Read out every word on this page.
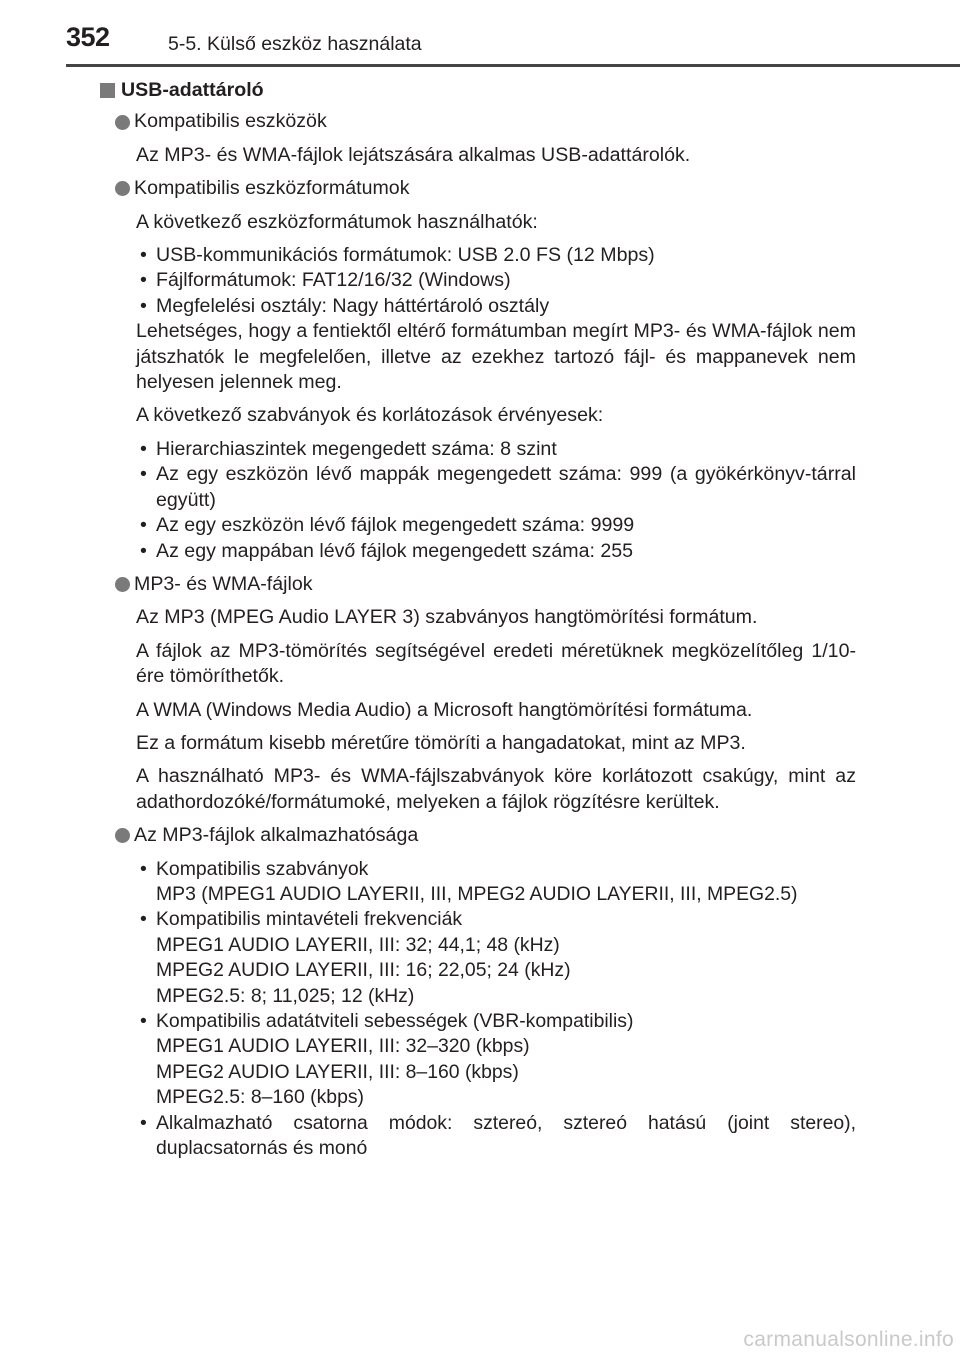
352	5-5. Külső eszköz használata
USB-adattároló
Kompatibilis eszközök
Az MP3- és WMA-fájlok lejátszására alkalmas USB-adattárolók.
Kompatibilis eszközformátumok
A következő eszközformátumok használhatók:
• USB-kommunikációs formátumok: USB 2.0 FS (12 Mbps)
• Fájlformátumok: FAT12/16/32 (Windows)
• Megfelelési osztály: Nagy háttértároló osztály
Lehetséges, hogy a fentiektől eltérő formátumban megírt MP3- és WMA-fájlok nem játszhatók le megfelelően, illetve az ezekhez tartozó fájl- és mappanevek nem helyesen jelennek meg.
A következő szabványok és korlátozások érvényesek:
• Hierarchiaszintek megengedett száma: 8 szint
• Az egy eszközön lévő mappák megengedett száma: 999 (a gyökérkönyv-tárral együtt)
• Az egy eszközön lévő fájlok megengedett száma: 9999
• Az egy mappában lévő fájlok megengedett száma: 255
MP3- és WMA-fájlok
Az MP3 (MPEG Audio LAYER 3) szabványos hangtömörítési formátum.
A fájlok az MP3-tömörítés segítségével eredeti méretüknek megközelítőleg 1/10-ére tömöríthetők.
A WMA (Windows Media Audio) a Microsoft hangtömörítési formátuma.
Ez a formátum kisebb méretűre tömöríti a hangadatokat, mint az MP3.
A használható MP3- és WMA-fájlszabványok köre korlátozott csakúgy, mint az adathordozóké/formátumoké, melyeken a fájlok rögzítésre kerültek.
Az MP3-fájlok alkalmazhatósága
• Kompatibilis szabványok
MP3 (MPEG1 AUDIO LAYERII, III, MPEG2 AUDIO LAYERII, III, MPEG2.5)
• Kompatibilis mintavételi frekvenciák
MPEG1 AUDIO LAYERII, III: 32; 44,1; 48 (kHz)
MPEG2 AUDIO LAYERII, III: 16; 22,05; 24 (kHz)
MPEG2.5: 8; 11,025; 12 (kHz)
• Kompatibilis adatátviteli sebességek (VBR-kompatibilis)
MPEG1 AUDIO LAYERII, III: 32–320 (kbps)
MPEG2 AUDIO LAYERII, III: 8–160 (kbps)
MPEG2.5: 8–160 (kbps)
• Alkalmazható csatorna módok: sztereó, sztereó hatású (joint stereo), duplacsatornás és monó
carmanualsonline.info
